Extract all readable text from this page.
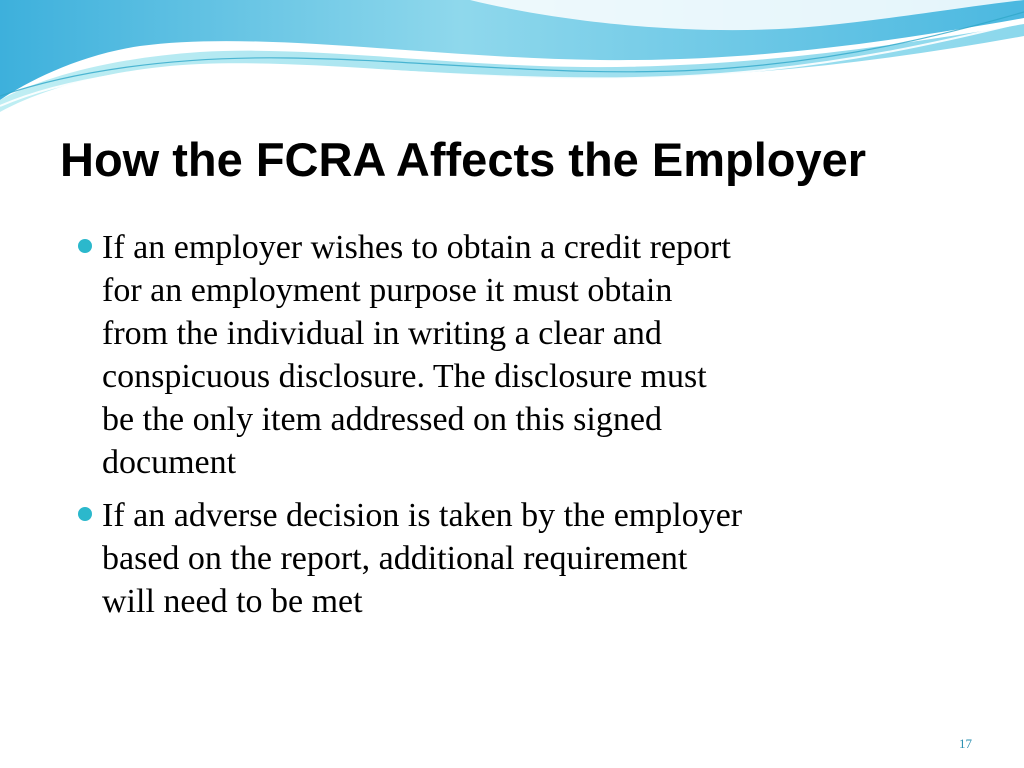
How the FCRA Affects the Employer
If an employer wishes to obtain a credit report
for an employment purpose it must obtain
from the individual in writing a clear and
conspicuous disclosure. The disclosure must
be the only item addressed on this signed
document
If an adverse decision is taken by the employer
based on the report, additional requirement
will need to be met
17
